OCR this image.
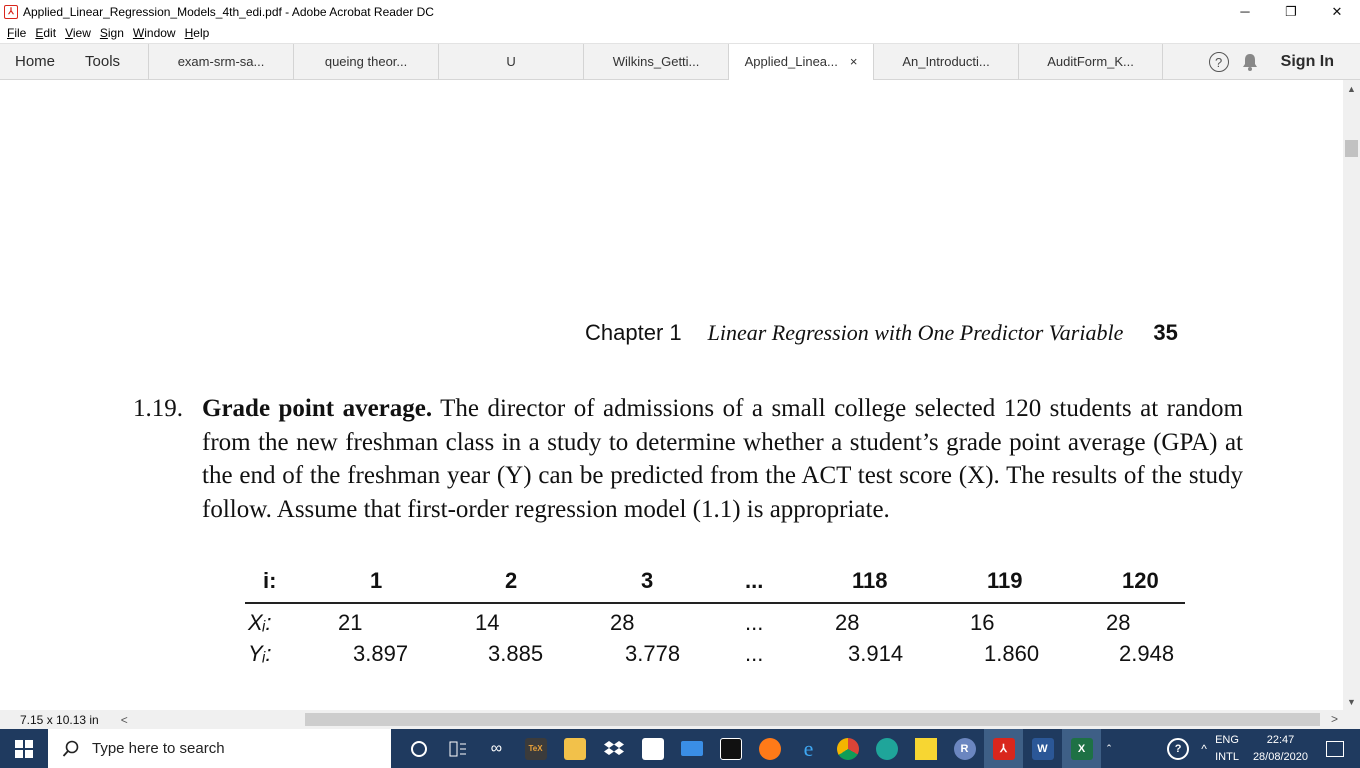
⅄ Applied_Linear_Regression_Models_4th_edi.pdf - Adobe Acrobat Reader DC	─	❐	✕
File Edit View Sign Window Help
Home	Tools	exam-srm-sa...	queing theor...	U	Wilkins_Getti...	Applied_Linea... ×	An_Introducti...	AuditForm_K...	?	Sign In
Chapter 1 Linear Regression with One Predictor Variable 35
1.19. Grade point average. The director of admissions of a small college selected 120 students at random from the new freshman class in a study to determine whether a student’s grade point average (GPA) at the end of the freshman year (Y) can be predicted from the ACT test score (X). The results of the study follow. Assume that first-order regression model (1.1) is appropriate.
i:	1	2	3	...	118	119	120
Xᵢ:	21	14	28	...	28	16	28
Yᵢ:	3.897	3.885	3.778	...	3.914	1.860	2.948
▲
▼
7.15 x 10.13 in <	>
Type here to search	∞	TeX	e	R	⅄	W	X	⌃	?	^
ENG
INTL
22:47
28/08/2020
